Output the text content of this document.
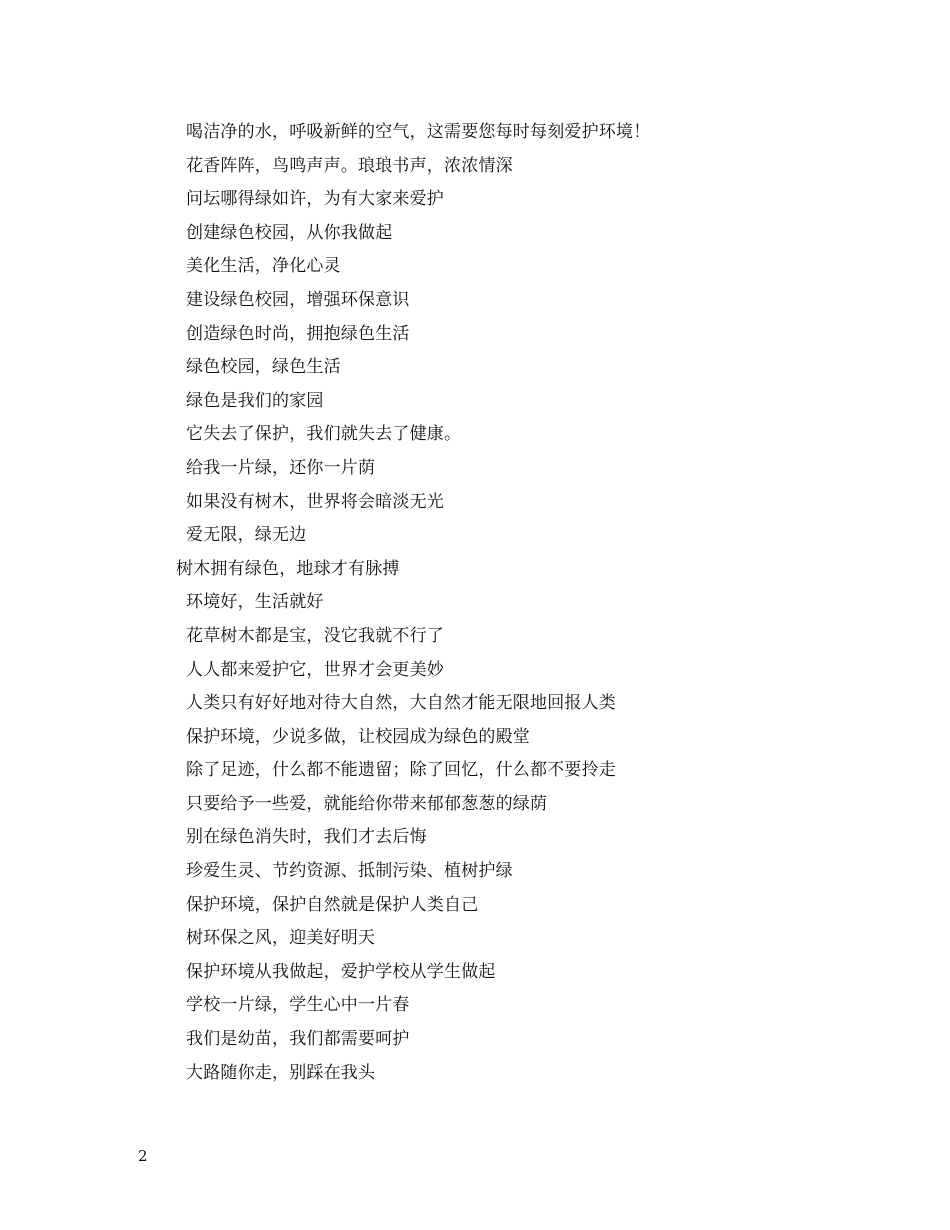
喝洁净的水，呼吸新鲜的空气，这需要您每时每刻爱护环境！
花香阵阵，鸟鸣声声。琅琅书声，浓浓情深
问坛哪得绿如许，为有大家来爱护
创建绿色校园，从你我做起
美化生活，净化心灵
建设绿色校园，增强环保意识
创造绿色时尚，拥抱绿色生活
绿色校园，绿色生活
绿色是我们的家园
它失去了保护，我们就失去了健康。
给我一片绿，还你一片荫
如果没有树木，世界将会暗淡无光
爱无限，绿无边
树木拥有绿色，地球才有脉搏
环境好，生活就好
花草树木都是宝，没它我就不行了
人人都来爱护它，世界才会更美妙
人类只有好好地对待大自然，大自然才能无限地回报人类
保护环境，少说多做，让校园成为绿色的殿堂
除了足迹，什么都不能遗留；除了回忆，什么都不要拎走
只要给予一些爱，就能给你带来郁郁葱葱的绿荫
别在绿色消失时，我们才去后悔
珍爱生灵、节约资源、抵制污染、植树护绿
保护环境，保护自然就是保护人类自己
树环保之风，迎美好明天
保护环境从我做起，爱护学校从学生做起
学校一片绿，学生心中一片春
我们是幼苗，我们都需要呵护
大路随你走，别踩在我头
2
